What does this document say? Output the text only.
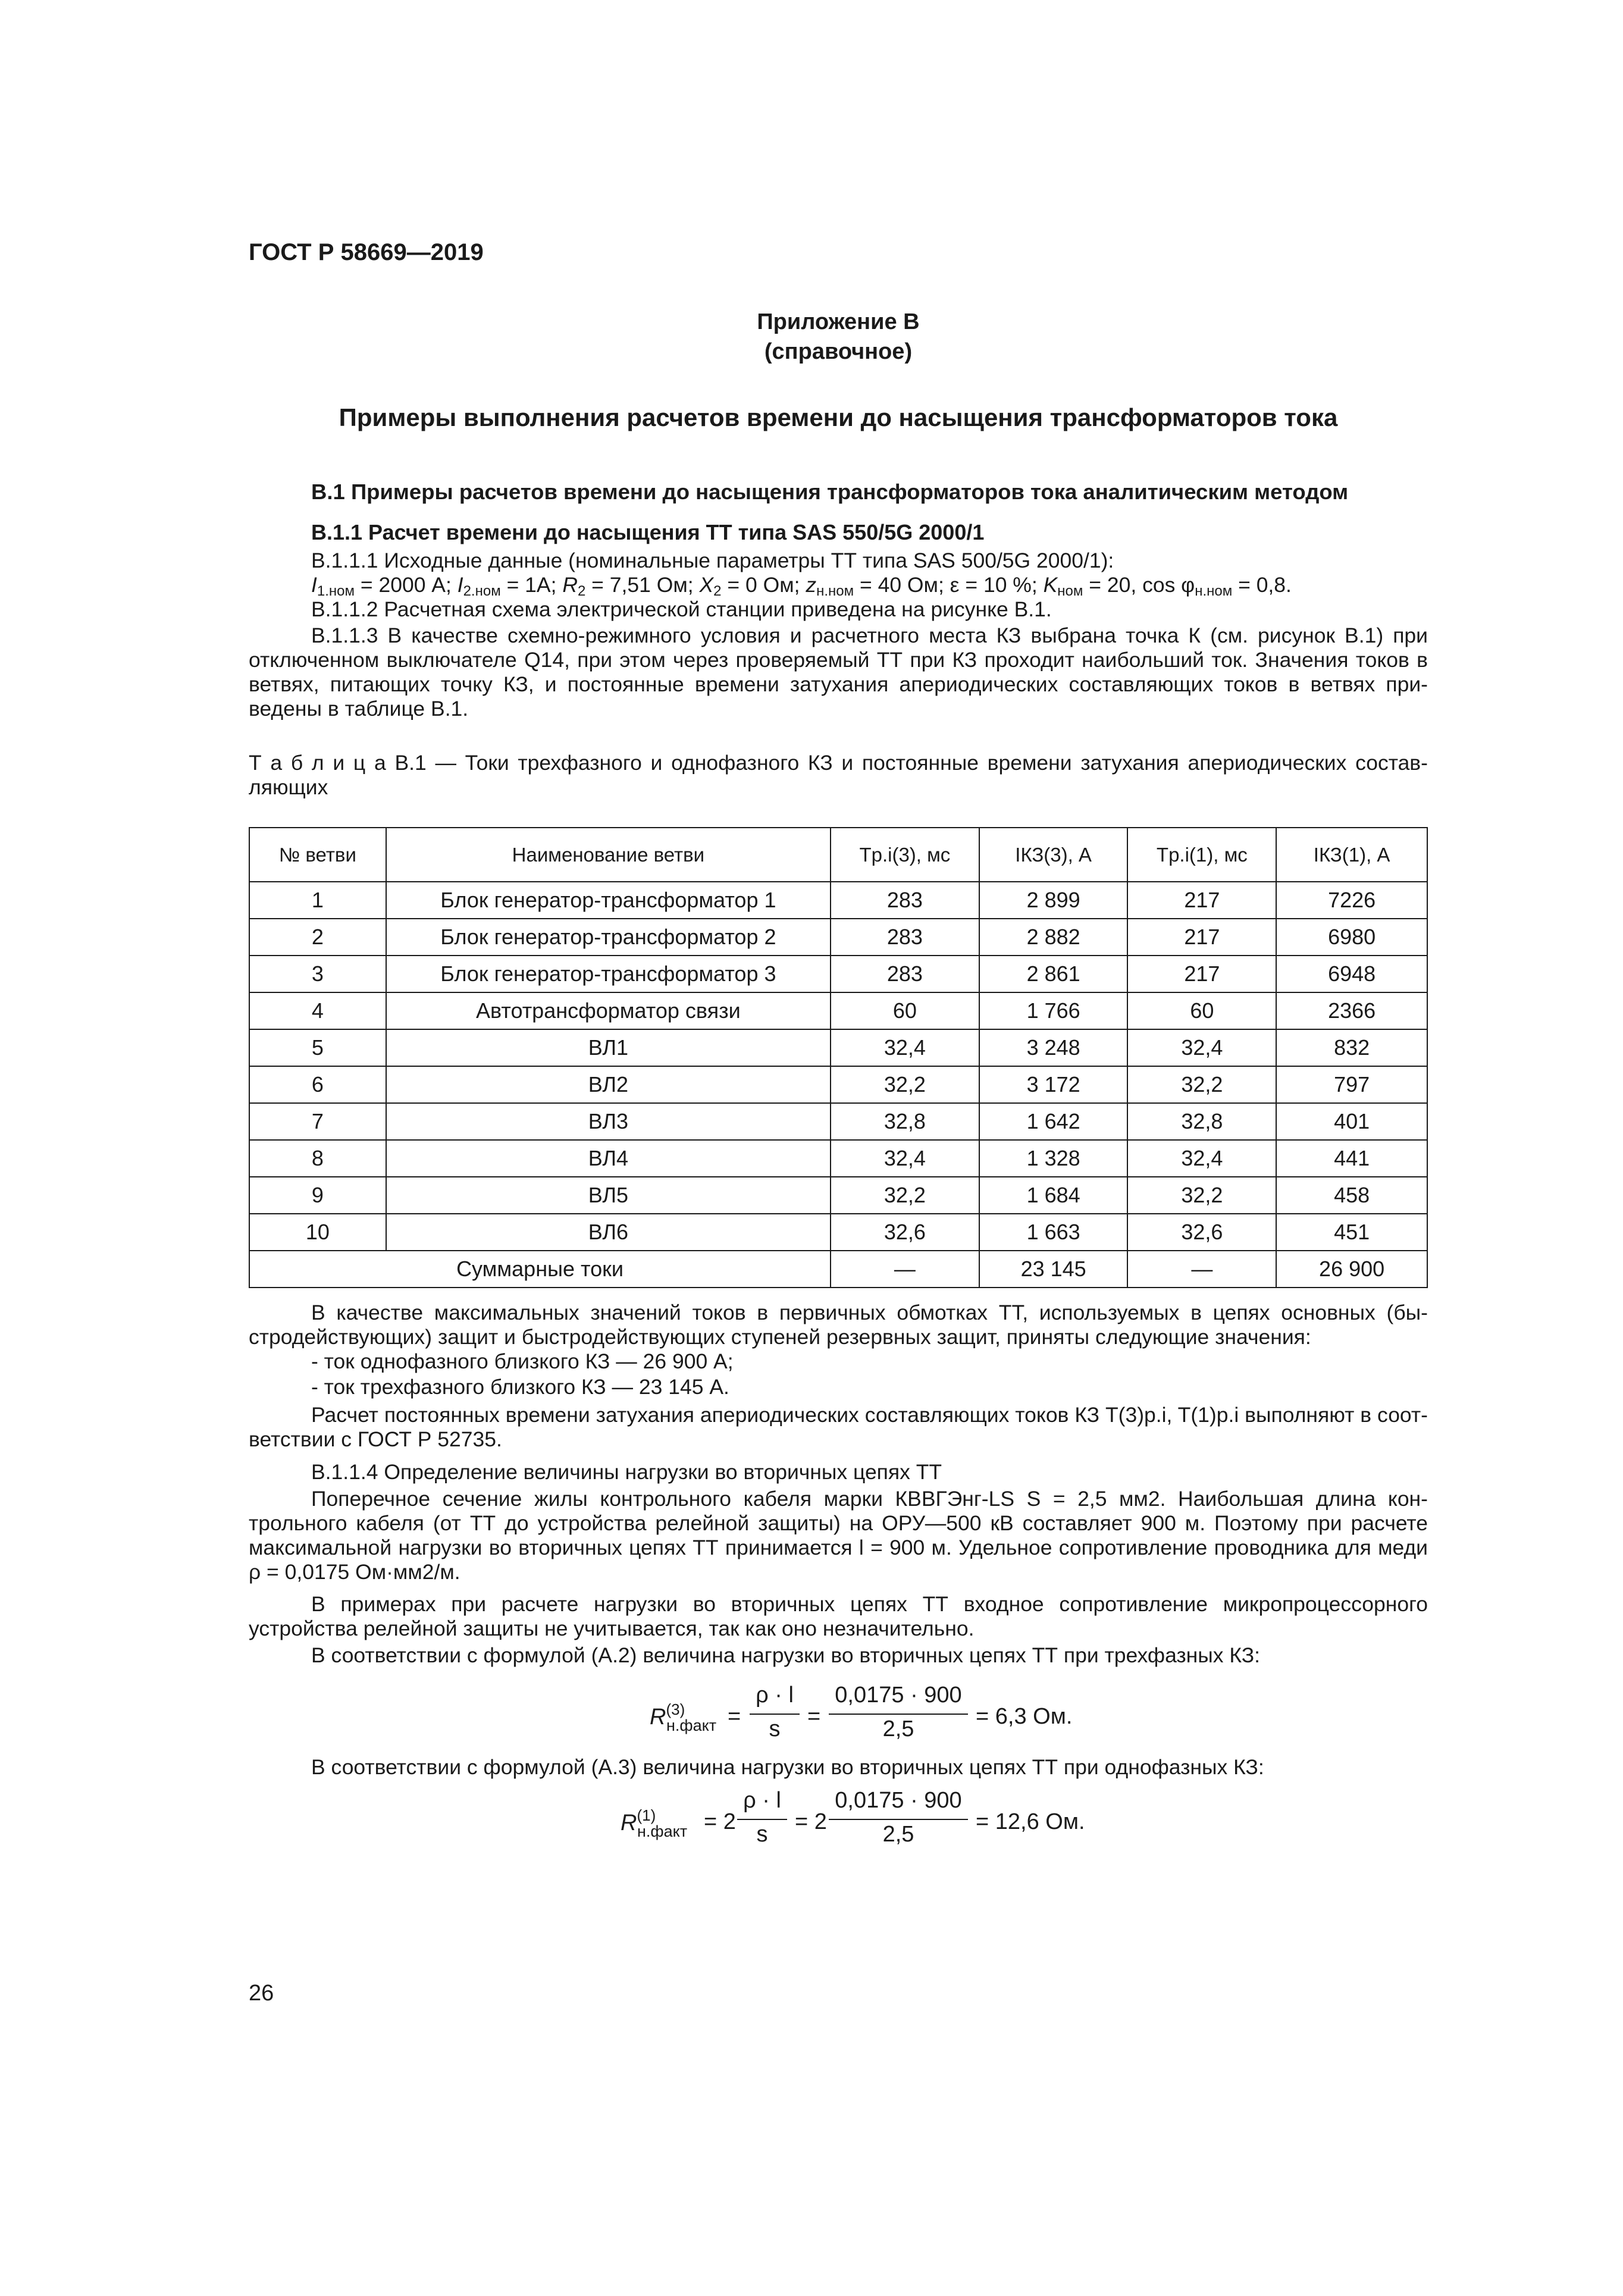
ГОСТ Р 58669—2019
Приложение В
(справочное)
Примеры выполнения расчетов времени до насыщения трансформаторов тока
В.1 Примеры расчетов времени до насыщения трансформаторов тока аналитическим методом
В.1.1 Расчет времени до насыщения ТТ типа SAS 550/5G 2000/1
В.1.1.1 Исходные данные (номинальные параметры ТТ типа SAS 500/5G 2000/1):
$I_{1.ном} = 2000$ А; $I_{2.ном} = 1А$; $R_2 = 7,51$ Ом; $X_2 = 0$ Ом; $z_{н.ном} = 40$ Ом; ε = 10 %; $K_{ном} = 20$, $\cos \varphi_{н.ном} = 0,8$.
В.1.1.2 Расчетная схема электрической станции приведена на рисунке В.1.
В.1.1.3 В качестве схемно-режимного условия и расчетного места КЗ выбрана точка К (см. рисунок В.1) при отключенном выключателе Q14, при этом через проверяемый ТТ при КЗ проходит наибольший ток. Значения токов в ветвях, питающих точку КЗ, и постоянные времени затухания апериодических составляющих токов в ветвях приведены в таблице В.1.
Т а б л и ц а В.1 — Токи трехфазного и однофазного КЗ и постоянные времени затухания апериодических составляющих
№ ветви	Наименование ветви	Tp.i(3), мс	IКЗ(3), А	Tp.i(1), мс	IКЗ(1), А
1	Блок генератор-трансформатор 1	283	2 899	217	7226
2	Блок генератор-трансформатор 2	283	2 882	217	6980
3	Блок генератор-трансформатор 3	283	2 861	217	6948
4	Автотрансформатор связи	60	1 766	60	2366
5	ВЛ1	32,4	3 248	32,4	832
6	ВЛ2	32,2	3 172	32,2	797
7	ВЛ3	32,8	1 642	32,8	401
8	ВЛ4	32,4	1 328	32,4	441
9	ВЛ5	32,2	1 684	32,2	458
10	ВЛ6	32,6	1 663	32,6	451
Суммарные токи		—	23 145	—	26 900
В качестве максимальных значений токов в первичных обмотках ТТ, используемых в цепях основных (быстродействующих) защит и быстродействующих ступеней резервных защит, приняты следующие значения:
- ток однофазного близкого КЗ — 26 900 А;
- ток трехфазного близкого КЗ — 23 145 А.
Расчет постоянных времени затухания апериодических составляющих токов КЗ T(3)p.i, T(1)p.i выполняют в соответствии с ГОСТ Р 52735.
В.1.1.4 Определение величины нагрузки во вторичных цепях ТТ
Поперечное сечение жилы контрольного кабеля марки КВВГЭнг-LS S = 2,5 мм2. Наибольшая длина контрольного кабеля (от ТТ до устройства релейной защиты) на ОРУ—500 кВ составляет 900 м. Поэтому при расчете максимальной нагрузки во вторичных цепях ТТ принимается l = 900 м. Удельное сопротивление проводника для меди ρ = 0,0175 Ом·мм2/м.
В примерах при расчете нагрузки во вторичных цепях ТТ входное сопротивление микропроцессорного устройства релейной защиты не учитывается, так как оно незначительно.
В соответствии с формулой (А.2) величина нагрузки во вторичных цепях ТТ при трехфазных КЗ:
$R^{(3)}$
н.факт =
ρ · l
s	=
0,0175 · 900
2,5	= 6,3 Ом.
В соответствии с формулой (А.3) величина нагрузки во вторичных цепях ТТ при однофазных КЗ:
$R^{(1)}$
н.факт = 2
ρ · l
s	= 2
0,0175 · 900
2,5	= 12,6 Ом.
26
